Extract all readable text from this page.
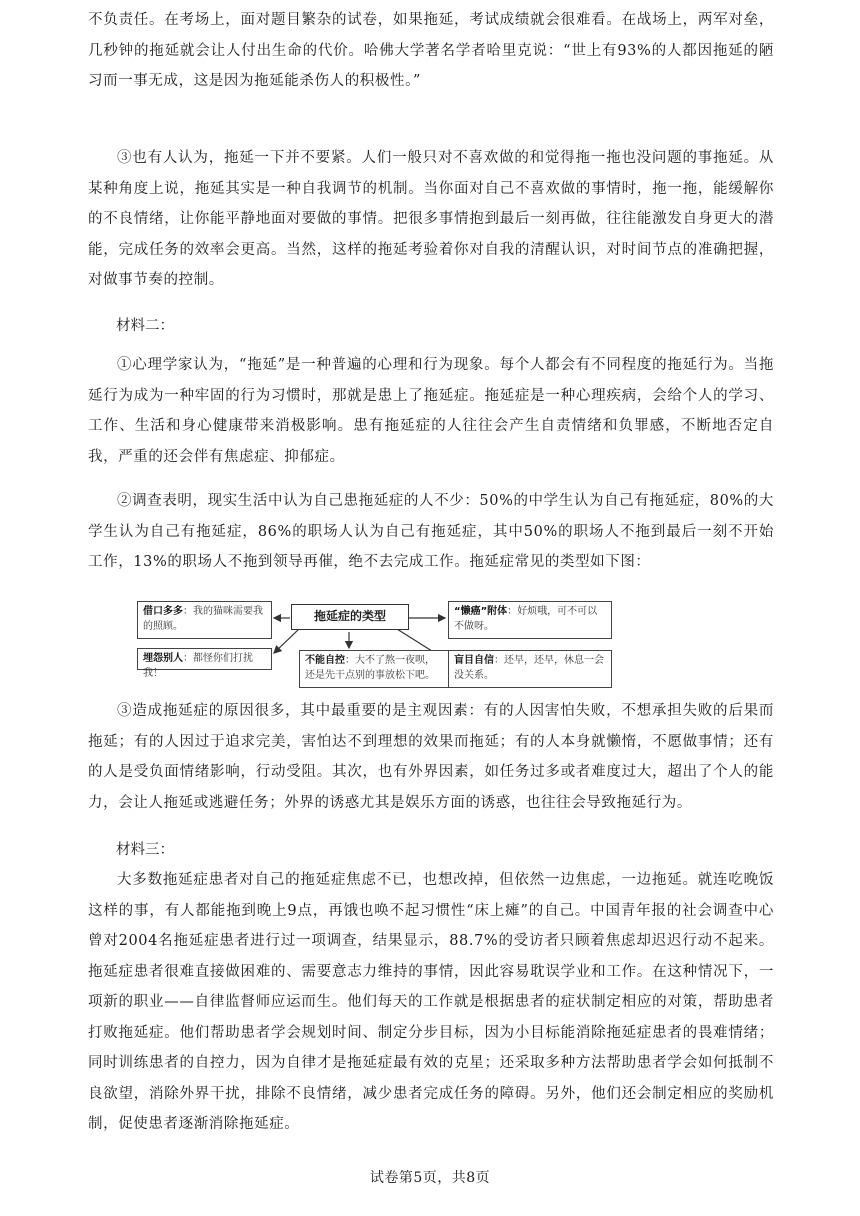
不负责任。在考场上，面对题目繁杂的试卷，如果拖延，考试成绩就会很难看。在战场上，两军对垒，几秒钟的拖延就会让人付出生命的代价。哈佛大学著名学者哈里克说：“世上有93%的人都因拖延的陋习而一事无成，这是因为拖延能杀伤人的积极性。”

③也有人认为，拖延一下并不要紧。人们一般只对不喜欢做的和觉得拖一拖也没问题的事拖延。从某种角度上说，拖延其实是一种自我调节的机制。当你面对自己不喜欢做的事情时，拖一拖，能缓解你的不良情绪，让你能平静地面对要做的事情。把很多事情抱到最后一刻再做，往往能激发自身更大的潜能，完成任务的效率会更高。当然，这样的拖延考验着你对自我的清醒认识，对时间节点的准确把握，对做事节奏的控制。

材料二：

①心理学家认为，“拖延”是一种普遍的心理和行为现象。每个人都会有不同程度的拖延行为。当拖延行为成为一种牢固的行为习惯时，那就是患上了拖延症。拖延症是一种心理疾病，会给个人的学习、工作、生活和身心健康带来消极影响。患有拖延症的人往往会产生自责情绪和负罪感，不断地否定自我，严重的还会伴有焦虑症、抑郁症。

②调查表明，现实生活中认为自己患拖延症的人不少：50%的中学生认为自己有拖延症，80%的大学生认为自己有拖延症，86%的职场人认为自己有拖延症，其中50%的职场人不拖到最后一刻不开始工作，13%的职场人不拖到领导再催，绝不去完成工作。拖延症常见的类型如下图：

拖延症的类型
借口多多：我的猫咪需要我的照顾。
埋怨别人：都怪你们打扰我！
不能自控：大不了熬一夜呗，还是先干点别的事放松下吧。
“懒癌”附体：好烦哦，可不可以不做呀。
盲目自信：还早，还早，休息一会没关系。

③造成拖延症的原因很多，其中最重要的是主观因素：有的人因害怕失败，不想承担失败的后果而拖延；有的人因过于追求完美，害怕达不到理想的效果而拖延；有的人本身就懒惰，不愿做事情；还有的人是受负面情绪影响，行动受阻。其次，也有外界因素，如任务过多或者难度过大，超出了个人的能力，会让人拖延或逃避任务；外界的诱惑尤其是娱乐方面的诱惑，也往往会导致拖延行为。

材料三：

大多数拖延症患者对自己的拖延症焦虑不已，也想改掉，但依然一边焦虑，一边拖延。就连吃晚饭这样的事，有人都能拖到晚上9点，再饿也唤不起习惯性“床上瘫”的自己。中国青年报的社会调查中心曾对2004名拖延症患者进行过一项调查，结果显示，88.7%的受访者只顾着焦虑却迟迟行动不起来。拖延症患者很难直接做困难的、需要意志力维持的事情，因此容易耽误学业和工作。在这种情况下，一项新的职业——自律监督师应运而生。他们每天的工作就是根据患者的症状制定相应的对策，帮助患者打败拖延症。他们帮助患者学会规划时间、制定分步目标，因为小目标能消除拖延症患者的畏难情绪；同时训练患者的自控力，因为自律才是拖延症最有效的克星；还采取多种方法帮助患者学会如何抵制不良欲望，消除外界干扰，排除不良情绪，减少患者完成任务的障碍。另外，他们还会制定相应的奖励机制，促使患者逐渐消除拖延症。

试卷第5页，共8页
